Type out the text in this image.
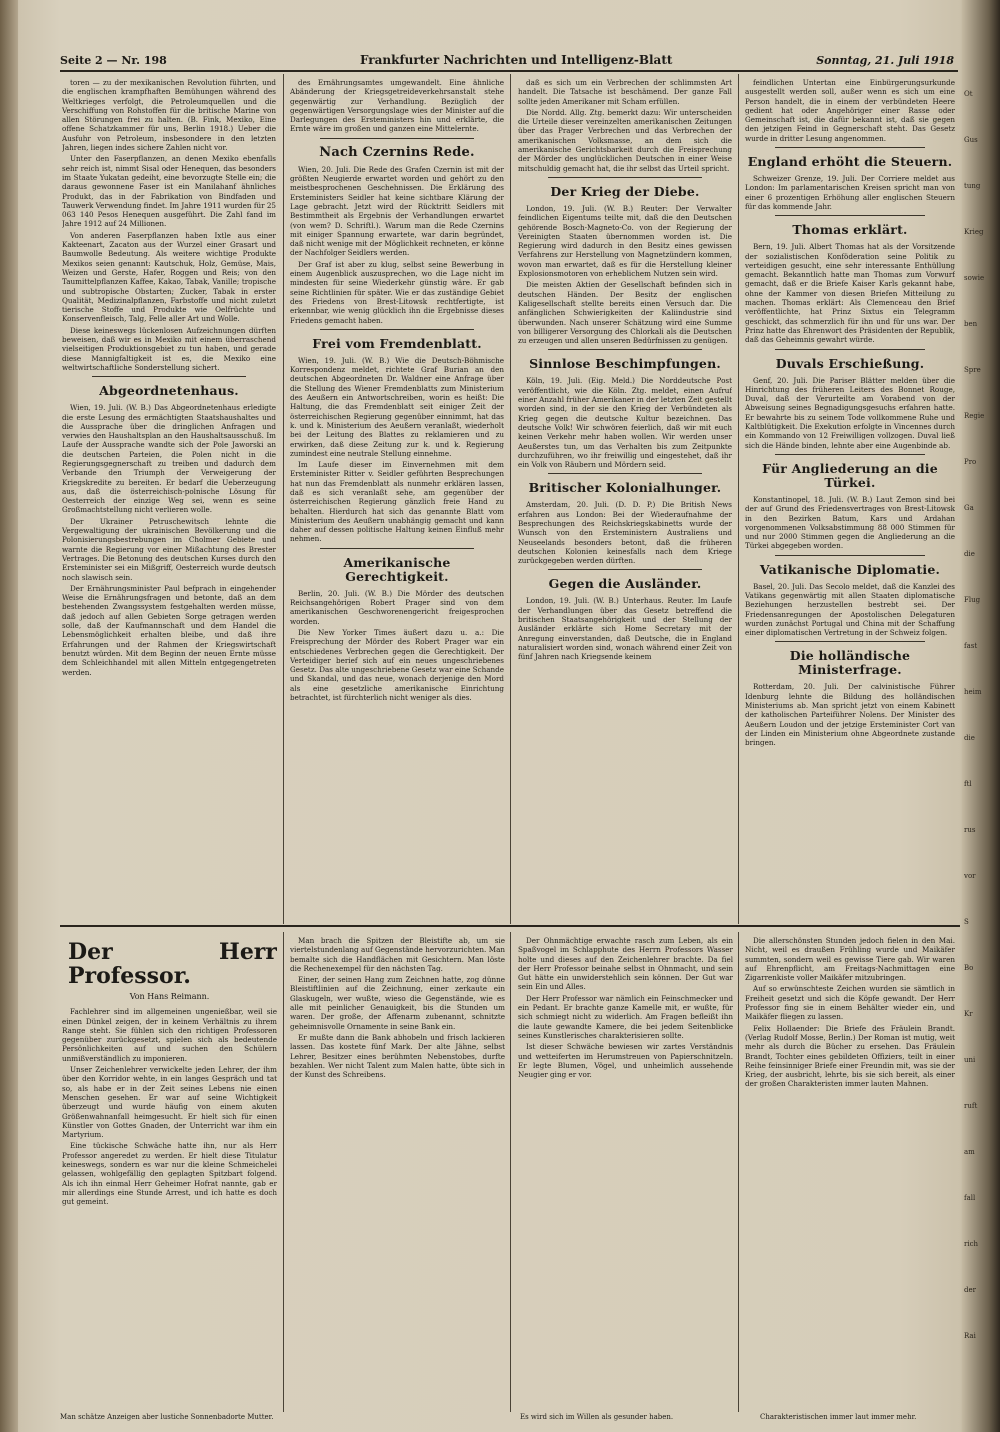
Seite 2 — Nr. 198	Frankfurter Nachrichten und Intelligenz-Blatt	Sonntag, 21. Juli 1918

toren — zu der mexikanischen Revolution führten, und die englischen krampfhaften Bemühungen während des Weltkrieges verfolgt, die Petroleumquellen und die Verschiffung von Rohstoffen für die britische Marine von allen Störungen frei zu halten. (B. Fink, Mexiko, Eine offene Schatzkammer für uns, Berlin 1918.) Ueber die Ausfuhr von Petroleum, insbesondere in den letzten Jahren, liegen indes sichere Zahlen nicht vor.

Unter den Faserpflanzen, an denen Mexiko ebenfalls sehr reich ist, nimmt Sisal oder Henequen, das besonders im Staate Yukatan gedeiht, eine bevorzugte Stelle ein; die daraus gewonnene Faser ist ein Manilahanf ähnliches Produkt, das in der Fabrikation von Bindfaden und Tauwerk Verwendung findet. Im Jahre 1911 wurden für 25 063 140 Pesos Henequen ausgeführt. Die Zahl fand im Jahre 1912 auf 24 Millionen.

Von anderen Faserpflanzen haben Ixtle aus einer Kakteenart, Zacaton aus der Wurzel einer Grasart und Baumwolle Bedeutung. Als weitere wichtige Produkte Mexikos seien genannt: Kautschuk, Holz, Gemüse, Mais, Weizen und Gerste, Hafer, Roggen und Reis; von den Taumittelpflanzen Kaffee, Kakao, Tabak, Vanille; tropische und subtropische Obstarten; Zucker, Tabak in erster Qualität, Medizinalpflanzen, Farbstoffe und nicht zuletzt tierische Stoffe und Produkte wie Oelfrüchte und Konservenfleisch, Talg, Felle aller Art und Wolle.

Diese keineswegs lückenlosen Aufzeichnungen dürften beweisen, daß wir es in Mexiko mit einem überraschend vielseitigen Produktionsgebiet zu tun haben, und gerade diese Mannigfaltigkeit ist es, die Mexiko eine weltwirtschaftliche Sonderstellung sichert.

Abgeordnetenhaus.

Wien, 19. Juli. (W. B.) Das Abgeordnetenhaus erledigte die erste Lesung des ermächtigten Staatshaushaltes und die Aussprache über die dringlichen Anfragen und verwies den Haushaltsplan an den Haushaltsausschuß. Im Laufe der Aussprache wandte sich der Pole Jaworski an die deutschen Parteien, die Polen nicht in die Regierungsgegnerschaft zu treiben und dadurch dem Verbande den Triumph der Verweigerung der Kriegskredite zu bereiten. Er bedarf die Ueberzeugung aus, daß die österreichisch-polnische Lösung für Oesterreich der einzige Weg sei, wenn es seine Großmachtstellung nicht verlieren wolle.

Der Ukrainer Petruschewitsch lehnte die Vergewaltigung der ukrainischen Bevölkerung und die Polonisierungsbestrebungen im Cholmer Gebiete und warnte die Regierung vor einer Mißachtung des Brester Vertrages. Die Betonung des deutschen Kurses durch den Ersteminister sei ein Mißgriff, Oesterreich wurde deutsch noch slawisch sein.

Der Ernährungsminister Paul befprach in eingehender Weise die Ernährungsfragen und betonte, daß an dem bestehenden Zwangssystem festgehalten werden müsse, daß jedoch auf allen Gebieten Sorge getragen werden solle, daß der Kaufmannschaft und dem Handel die Lebensmöglichkeit erhalten bleibe, und daß ihre Erfahrungen und der Rahmen der Kriegswirtschaft benutzt würden. Mit dem Beginn der neuen Ernte müsse dem Schleichhandel mit allen Mitteln entgegengetreten werden.

des Ernährungsamtes umgewandelt. Eine ähnliche Abänderung der Kriegsgetreideverkehrsanstalt stehe gegenwärtig zur Verhandlung. Bezüglich der gegenwärtigen Versorgungslage wies der Minister auf die Darlegungen des Ersteministers hin und erklärte, die Ernte wäre im großen und ganzen eine Mittelernte.

Nach Czernins Rede.

Wien, 20. Juli. Die Rede des Grafen Czernin ist mit der größten Neugierde erwartet worden und gehört zu den meistbesprochenen Geschehnissen. Die Erklärung des Ersteministers Seidler hat keine sichtbare Klärung der Lage gebracht. Jetzt wird der Rücktritt Seidlers mit Bestimmtheit als Ergebnis der Verhandlungen erwartet (von wem? D. Schriftl.). Warum man die Rede Czernins mit einiger Spannung erwartete, war darin begründet, daß nicht wenige mit der Möglichkeit rechneten, er könne der Nachfolger Seidlers werden.

Der Graf ist aber zu klug, selbst seine Bewerbung in einem Augenblick auszusprechen, wo die Lage nicht im mindesten für seine Wiederkehr günstig wäre. Er gab seine Richtlinien für später. Wie er das zuständige Gebiet des Friedens von Brest-Litowsk rechtfertigte, ist erkennbar, wie wenig glücklich ihn die Ergebnisse dieses Friedens gemacht haben.

Frei vom Fremdenblatt.

Wien, 19. Juli. (W. B.) Wie die Deutsch-Böhmische Korrespondenz meldet, richtete Graf Burian an den deutschen Abgeordneten Dr. Waldner eine Anfrage über die Stellung des Wiener Fremdenblatts zum Ministerium des Aeußern ein Antwortschreiben, worin es heißt: Die Haltung, die das Fremdenblatt seit einiger Zeit der österreichischen Regierung gegenüber einnimmt, hat das k. und k. Ministerium des Aeußern veranlaßt, wiederholt bei der Leitung des Blattes zu reklamieren und zu erwirken, daß diese Zeitung zur k. und k. Regierung zumindest eine neutrale Stellung einnehme.

Im Laufe dieser im Einvernehmen mit dem Ersteminister Ritter v. Seidler geführten Besprechungen hat nun das Fremdenblatt als nunmehr erklären lassen, daß es sich veranlaßt sehe, am gegenüber der österreichischen Regierung gänzlich freie Hand zu behalten. Hierdurch hat sich das genannte Blatt vom Ministerium des Aeußern unabhängig gemacht und kann daher auf dessen politische Haltung keinen Einfluß mehr nehmen.

Amerikanische Gerechtigkeit.

Berlin, 20. Juli. (W. B.) Die Mörder des deutschen Reichsangehörigen Robert Prager sind von dem amerikanischen Geschworenengericht freigesprochen worden.

Die New Yorker Times äußert dazu u. a.: Die Freisprechung der Mörder des Robert Prager war ein entschiedenes Verbrechen gegen die Gerechtigkeit. Der Verteidiger berief sich auf ein neues ungeschriebenes Gesetz. Das alte ungeschriebene Gesetz war eine Schande und Skandal, und das neue, wonach derjenige den Mord als eine gesetzliche amerikanische Einrichtung betrachtet, ist fürchterlich nicht weniger als dies.

daß es sich um ein Verbrechen der schlimmsten Art handelt. Die Tatsache ist beschämend. Der ganze Fall sollte jeden Amerikaner mit Scham erfüllen.

Die Nordd. Allg. Ztg. bemerkt dazu: Wir unterscheiden die Urteile dieser vereinzelten amerikanischen Zeitungen über das Prager Verbrechen und das Verbrechen der amerikanischen Volksmasse, an dem sich die amerikanische Gerichtsbarkeit durch die Freisprechung der Mörder des unglücklichen Deutschen in einer Weise mitschuldig gemacht hat, die ihr selbst das Urteil spricht.

Der Krieg der Diebe.

London, 19. Juli. (W. B.) Reuter: Der Verwalter feindlichen Eigentums teilte mit, daß die den Deutschen gehörende Bosch-Magneto-Co. von der Regierung der Vereinigten Staaten übernommen worden ist. Die Regierung wird dadurch in den Besitz eines gewissen Verfahrens zur Herstellung von Magnetzündern kommen, wovon man erwartet, daß es für die Herstellung kleiner Explosionsmotoren von erheblichem Nutzen sein wird.

Die meisten Aktien der Gesellschaft befinden sich in deutschen Händen. Der Besitz der englischen Kaligesellschaft stellte bereits einen Versuch dar. Die anfänglichen Schwierigkeiten der Kaliindustrie sind überwunden. Nach unserer Schätzung wird eine Summe von billigerer Versorgung des Chlorkali als die Deutschen zu erzeugen und allen unseren Bedürfnissen zu genügen.

Sinnlose Beschimpfungen.

Köln, 19. Juli. (Eig. Meld.) Die Norddeutsche Post veröffentlicht, wie die Köln. Ztg. meldet, einen Aufruf einer Anzahl früher Amerikaner in der letzten Zeit gestellt worden sind, in der sie den Krieg der Verbündeten als Krieg gegen die deutsche Kultur bezeichnen. Das deutsche Volk! Wir schwören feierlich, daß wir mit euch keinen Verkehr mehr haben wollen. Wir werden unser Aeußerstes tun, um das Verhalten bis zum Zeitpunkte durchzuführen, wo ihr freiwillig und eingestehet, daß ihr ein Volk von Räubern und Mördern seid.

Britischer Kolonialhunger.

Amsterdam, 20. Juli. (D. D. P.) Die British News erfahren aus London: Bei der Wiederaufnahme der Besprechungen des Reichskriegskabinetts wurde der Wunsch von den Ersteministern Australiens und Neuseelands besonders betont, daß die früheren deutschen Kolonien keinesfalls nach dem Kriege zurückgegeben werden dürften.

Gegen die Ausländer.

London, 19. Juli. (W. B.) Unterhaus. Reuter. Im Laufe der Verhandlungen über das Gesetz betreffend die britischen Staatsangehörigkeit und der Stellung der Ausländer erklärte sich Home Secretary mit der Anregung einverstanden, daß Deutsche, die in England naturalisiert worden sind, wonach während einer Zeit von fünf Jahren nach Kriegsende keinem

feindlichen Untertan eine Einbürgerungsurkunde ausgestellt werden soll, außer wenn es sich um eine Person handelt, die in einem der verbündeten Heere gedient hat oder Angehöriger einer Rasse oder Gemeinschaft ist, die dafür bekannt ist, daß sie gegen den jetzigen Feind in Gegnerschaft steht. Das Gesetz wurde in dritter Lesung angenommen.

England erhöht die Steuern.

Schweizer Grenze, 19. Juli. Der Corriere meldet aus London: Im parlamentarischen Kreisen spricht man von einer 6 prozentigen Erhöhung aller englischen Steuern für das kommende Jahr.

Thomas erklärt.

Bern, 19. Juli. Albert Thomas hat als der Vorsitzende der sozialistischen Konföderation seine Politik zu verteidigen gesucht, eine sehr interessante Enthüllung gemacht. Bekanntlich hatte man Thomas zum Vorwurf gemacht, daß er die Briefe Kaiser Karls gekannt habe, ohne der Kammer von diesen Briefen Mitteilung zu machen. Thomas erklärt: Als Clemenceau den Brief veröffentlichte, hat Prinz Sixtus ein Telegramm geschickt, das schmerzlich für ihn und für uns war. Der Prinz hatte das Ehrenwort des Präsidenten der Republik, daß das Geheimnis gewahrt würde.

Duvals Erschießung.

Genf, 20. Juli. Die Pariser Blätter melden über die Hinrichtung des früheren Leiters des Bonnet Rouge, Duval, daß der Verurteilte am Vorabend von der Abweisung seines Begnadigungsgesuchs erfahren hatte. Er bewahrte bis zu seinem Tode vollkommene Ruhe und Kaltblütigkeit. Die Exekution erfolgte in Vincennes durch ein Kommando von 12 Freiwilligen vollzogen. Duval ließ sich die Hände binden, lehnte aber eine Augenbinde ab.

Für Angliederung an die Türkei.

Konstantinopel, 18. Juli. (W. B.) Laut Zemon sind bei der auf Grund des Friedensvertrages von Brest-Litowsk in den Bezirken Batum, Kars und Ardahan vorgenommenen Volksabstimmung 88 000 Stimmen für und nur 2000 Stimmen gegen die Angliederung an die Türkei abgegeben worden.

Vatikanische Diplomatie.

Basel, 20. Juli. Das Secolo meldet, daß die Kanzlei des Vatikans gegenwärtig mit allen Staaten diplomatische Beziehungen herzustellen bestrebt sei. Der Friedensanregungen der Apostolischen Delegaturen wurden zunächst Portugal und China mit der Schaffung einer diplomatischen Vertretung in der Schweiz folgen.

Die holländische Ministerfrage.

Rotterdam, 20. Juli. Der calvinistische Führer Idenburg lehnte die Bildung des holländischen Ministeriums ab. Man spricht jetzt von einem Kabinett der katholischen Parteiführer Nolens. Der Minister des Aeußern Loudon und der jetzige Ersteminister Cort van der Linden ein Ministerium ohne Abgeordnete zustande bringen.

Der Herr Professor.
Von Hans Reimann.

Fachlehrer sind im allgemeinen ungenießbar, weil sie einen Dünkel zeigen, der in keinem Verhältnis zu ihrem Range steht. Sie fühlen sich den richtigen Professoren gegenüber zurückgesetzt, spielen sich als bedeutende Persönlichkeiten auf und suchen den Schülern unmißverständlich zu imponieren.

Unser Zeichenlehrer verwickelte jeden Lehrer, der ihm über den Korridor wehte, in ein langes Gespräch und tat so, als habe er in der Zeit seines Lebens nie einen Menschen gesehen. Er war auf seine Wichtigkeit überzeugt und wurde häufig von einem akuten Größenwahnanfall heimgesucht. Er hielt sich für einen Künstler von Gottes Gnaden, der Unterricht war ihm ein Martyrium.

Eine tückische Schwäche hatte ihn, nur als Herr Professor angeredet zu werden. Er hielt diese Titulatur keineswegs, sondern es war nur die kleine Schmeichelei gelassen, wohlgefällig den geplagten Spitzbart folgend. Als ich ihn einmal Herr Geheimer Hofrat nannte, gab er mir allerdings eine Stunde Arrest, und ich hatte es doch gut gemeint.

Man brach die Spitzen der Bleistifte ab, um sie viertelstundenlang auf Gegenstände hervorzurichten. Man bemalte sich die Handflächen mit Gesichtern. Man löste die Rechenexempel für den nächsten Tag.

Einer, der seinen Hang zum Zeichnen hatte, zog dünne Bleistiftlinien auf die Zeichnung, einer zerkaute ein Glaskugeln, wer wußte, wieso die Gegenstände, wie es alle mit peinlicher Genauigkeit, bis die Stunden um waren. Der große, der Affenarm zubenannt, schnitzte geheimnisvolle Ornamente in seine Bank ein.

Er mußte dann die Bank abhobeln und frisch lackieren lassen. Das kostete fünf Mark. Der alte Jähne, selbst Lehrer, Besitzer eines berühmten Nebenstobes, durfte bezahlen. Wer nicht Talent zum Malen hatte, übte sich in der Kunst des Schreibens.

Der Ohnmächtige erwachte rasch zum Leben, als ein Spaßvogel im Schlapphute des Herrn Professors Wasser holte und dieses auf den Zeichenlehrer brachte. Da fiel der Herr Professor beinahe selbst in Ohnmacht, und sein Gut hätte ein unwiderstehlich sein können. Der Gut war sein Ein und Alles.

Der Herr Professor war nämlich ein Feinschmecker und ein Pedant. Er brachte ganze Kamelle mit, er wußte, für sich schmiegt nicht zu widerlich. Am Fragen befleißt ihn die laute gewandte Kamere, die bei jedem Seitenblicke seines Kunstlerisches charakterisieren sollte.

Ist dieser Schwäche bewiesen wir zartes Verständnis und wetteiferten im Herumstreuen von Papierschnitzeln. Er legte Blumen, Vögel, und unheimlich aussehende Neugier ging er vor.

Die allerschönsten Stunden jedoch fielen in den Mai. Nicht, weil es draußen Frühling wurde und Maikäfer summten, sondern weil es gewisse Tiere gab. Wir waren auf Ehrenpflicht, am Freitags-Nachmittagen eine Zigarrenkiste voller Maikäfer mitzubringen.

Auf so erwünschteste Zeichen wurden sie sämtlich in Freiheit gesetzt und sich die Köpfe gewandt. Der Herr Professor fing sie in einem Behälter wieder ein, und Maikäfer fliegen zu lassen.

Felix Hollaender: Die Briefe des Fräulein Brandt. (Verlag Rudolf Mosse, Berlin.) Der Roman ist mutig, weit mehr als durch die Bücher zu ersehen. Das Fräulein Brandt, Tochter eines gebildeten Offiziers, teilt in einer Reihe feinsinniger Briefe einer Freundin mit, was sie der Krieg, der ausbricht, lehrte, bis sie sich bereit, als einer der großen Charakteristen immer lauten Mahnen.

Man schätze Anzeigen aber lustiche Sonnenbadorte Mutter.	Es wird sich im Willen als gesunder haben.	Charakteristischen immer laut immer mehr.
Ot
Gus
tung
Krieg
sowie
ben
Spre
Regie
Pro
Ga
die
Flug
fast
heim
die
ftl
rus
vor
S
Bo
Kr
uni
ruft
am
fall
rich
der
Rai
